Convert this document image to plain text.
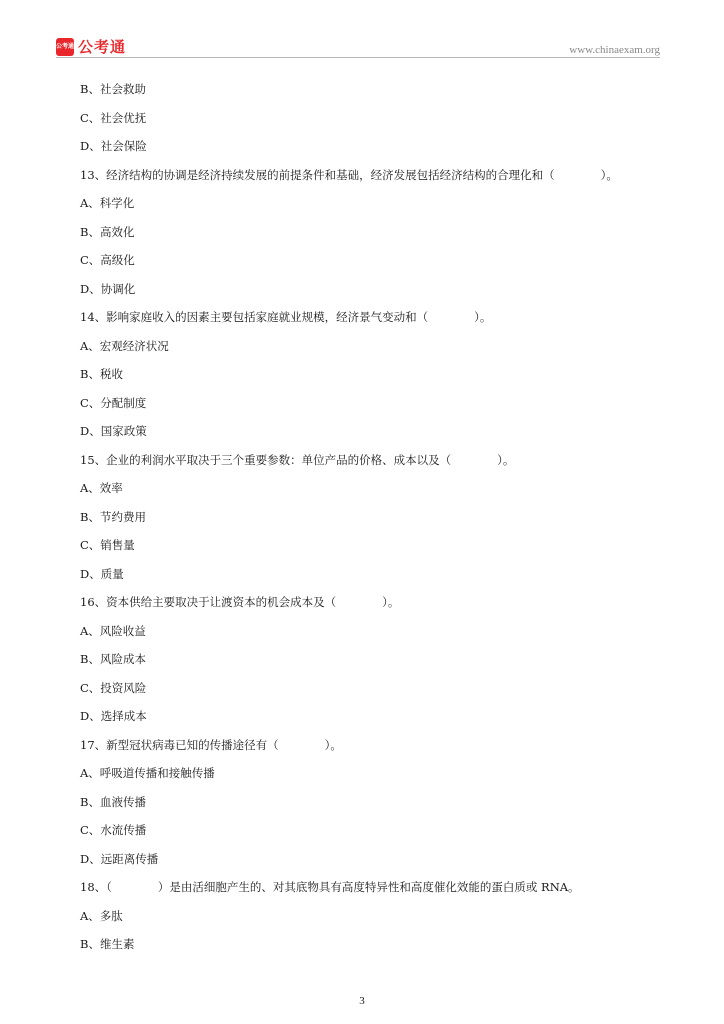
公考通 公考通	www.chinaexam.org
B、社会救助
C、社会优抚
D、社会保险
13、经济结构的协调是经济持续发展的前提条件和基础，经济发展包括经济结构的合理化和（　　　　）。
A、科学化
B、高效化
C、高级化
D、协调化
14、影响家庭收入的因素主要包括家庭就业规模，经济景气变动和（　　　　）。
A、宏观经济状况
B、税收
C、分配制度
D、国家政策
15、企业的利润水平取决于三个重要参数：单位产品的价格、成本以及（　　　　）。
A、效率
B、节约费用
C、销售量
D、质量
16、资本供给主要取决于让渡资本的机会成本及（　　　　）。
A、风险收益
B、风险成本
C、投资风险
D、选择成本
17、新型冠状病毒已知的传播途径有（　　　　）。
A、呼吸道传播和接触传播
B、血液传播
C、水流传播
D、远距离传播
18、（　　　　）是由活细胞产生的、对其底物具有高度特异性和高度催化效能的蛋白质或 RNA。
A、多肽
B、维生素
3
